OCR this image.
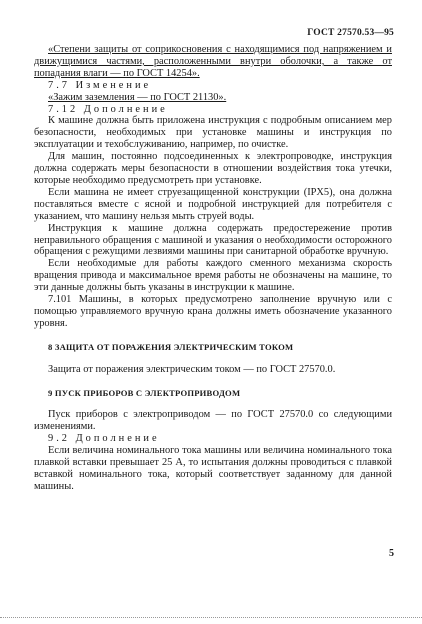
ГОСТ 27570.53—95

«Степени защиты от соприкосновения с находящимися под напряжением и движущимися частями, расположенными внутри оболочки, а также от попадания влаги — по ГОСТ 14254».

7.7 Изменение

«Зажим заземления — по ГОСТ 21130».

7.12 Дополнение

К машине должна быть приложена инструкция с подробным описанием мер безопасности, необходимых при установке машины и инструкция по эксплуатации и техобслуживанию, например, по очистке.

Для машин, постоянно подсоединенных к электропроводке, инструкция должна содержать меры безопасности в отношении воздействия тока утечки, которые необходимо предусмотреть при установке.

Если машина не имеет струезащищенной конструкции (IPX5), она должна поставляться вместе с ясной и подробной инструкцией для потребителя с указанием, что машину нельзя мыть струей воды.

Инструкция к машине должна содержать предостережение против неправильного обращения с машиной и указания о необходимости осторожного обращения с режущими лезвиями машины при санитарной обработке вручную.

Если необходимые для работы каждого сменного механизма скорость вращения привода и максимальное время работы не обозначены на машине, то эти данные должны быть указаны в инструкции к машине.

7.101 Машины, в которых предусмотрено заполнение вручную или с помощью управляемого вручную крана должны иметь обозначение указанного уровня.

8 ЗАЩИТА ОТ ПОРАЖЕНИЯ ЭЛЕКТРИЧЕСКИМ ТОКОМ

Защита от поражения электрическим током — по ГОСТ 27570.0.

9 ПУСК ПРИБОРОВ С ЭЛЕКТРОПРИВОДОМ

Пуск приборов с электроприводом — по ГОСТ 27570.0 со следующими изменениями.

9.2 Дополнение

Если величина номинального тока машины или величина номинального тока плавкой вставки превышает 25 А, то испытания должны проводиться с плавкой вставкой номинального тока, который соответствует заданному для данной машины.

5
